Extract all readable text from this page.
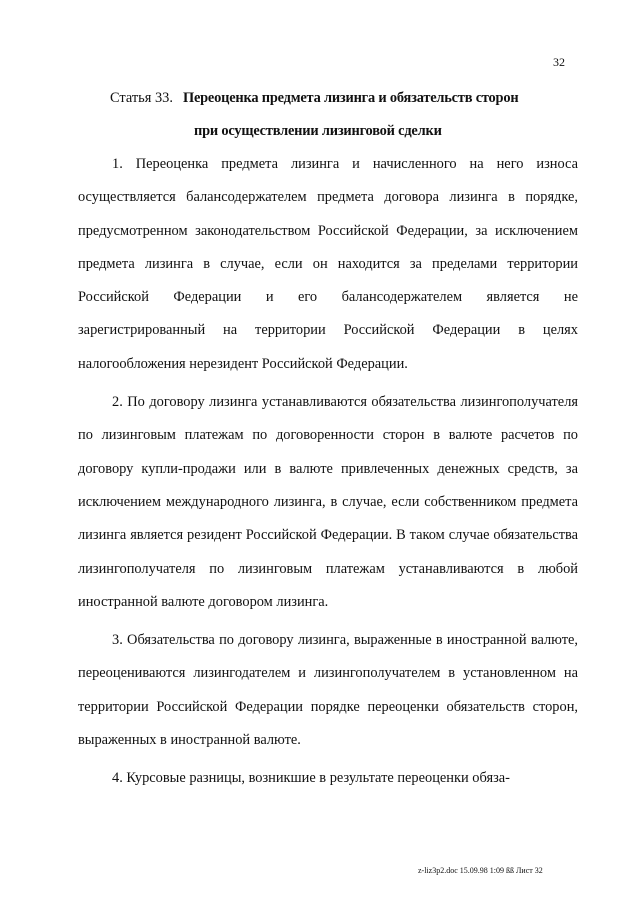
32
Статья 33. Переоценка предмета лизинга и обязательств сторон
при осуществлении лизинговой сделки

1. Переоценка предмета лизинга и начисленного на него износа осуществляется балансодержателем предмета договора лизинга в порядке, предусмотренном законодательством Российской Федерации, за исключением предмета лизинга в случае, если он находится за пределами территории Российской Федерации и его балансодержателем является не зарегистрированный на территории Российской Федерации в целях налогообложения нерезидент Российской Федерации.

2. По договору лизинга устанавливаются обязательства лизингополучателя по лизинговым платежам по договоренности сторон в валюте расчетов по договору купли-продажи или в валюте привлеченных денежных средств, за исключением международного лизинга, в случае, если собственником предмета лизинга является резидент Российской Федерации. В таком случае обязательства лизингополучателя по лизинговым платежам устанавливаются в любой иностранной валюте договором лизинга.

3. Обязательства по договору лизинга, выраженные в иностранной валюте, переоцениваются лизингодателем и лизингополучателем в установленном на территории Российской Федерации порядке переоценки обязательств сторон, выраженных в иностранной валюте.

4. Курсовые разницы, возникшие в результате переоценки обяза-

z-liz3p2.doc 15.09.98 1:09 ßß Лист 32
